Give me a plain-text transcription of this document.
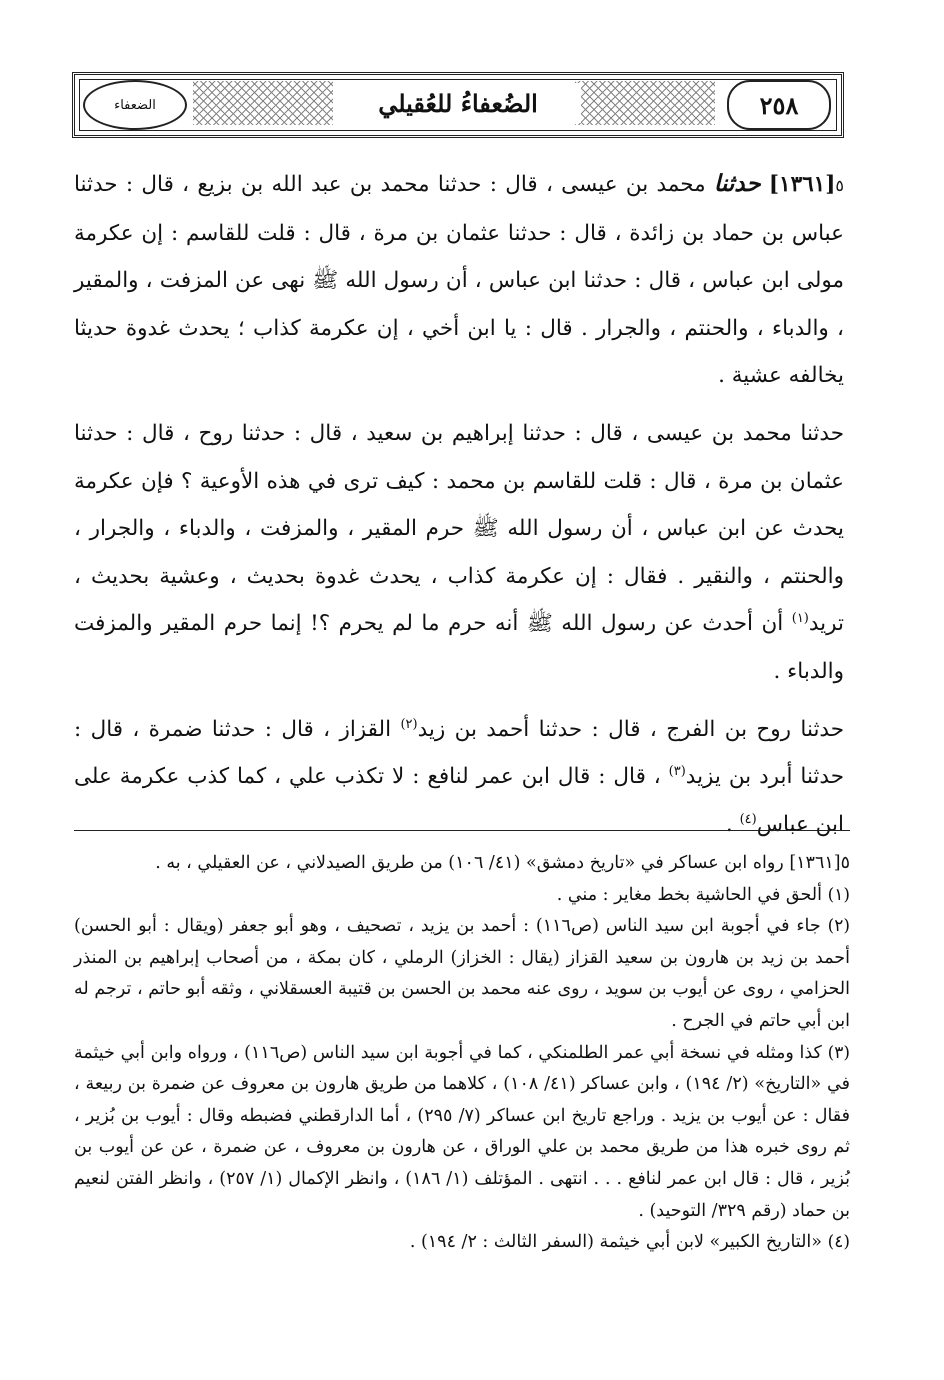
الضعفاء	الضُعفاءُ للعُقيلي	٢٥٨

٥[١٣٦١] حدثنا محمد بن عيسى ، قال : حدثنا محمد بن عبد الله بن بزيع ، قال : حدثنا عباس بن حماد بن زائدة ، قال : حدثنا عثمان بن مرة ، قال : قلت للقاسم : إن عكرمة مولى ابن عباس ، قال : حدثنا ابن عباس ، أن رسول الله ﷺ نهى عن المزفت ، والمقير ، والدباء ، والحنتم ، والجرار . قال : يا ابن أخي ، إن عكرمة كذاب ؛ يحدث غدوة حديثا يخالفه عشية .

حدثنا محمد بن عيسى ، قال : حدثنا إبراهيم بن سعيد ، قال : حدثنا روح ، قال : حدثنا عثمان بن مرة ، قال : قلت للقاسم بن محمد : كيف ترى في هذه الأوعية ؟ فإن عكرمة يحدث عن ابن عباس ، أن رسول الله ﷺ حرم المقير ، والمزفت ، والدباء ، والجرار ، والحنتم ، والنقير . فقال : إن عكرمة كذاب ، يحدث غدوة بحديث ، وعشية بحديث ، تريد$^{(١)}$ أن أحدث عن رسول الله ﷺ أنه حرم ما لم يحرم ؟! إنما حرم المقير والمزفت والدباء .

حدثنا روح بن الفرج ، قال : حدثنا أحمد بن زيد$^{(٢)}$ القزاز ، قال : حدثنا ضمرة ، قال : حدثنا أبرد بن يزيد$^{(٣)}$ ، قال : قال ابن عمر لنافع : لا تكذب علي ، كما كذب عكرمة على ابن عباس$^{(٤)}$ .

٥[١٣٦١] رواه ابن عساكر في «تاريخ دمشق» (٤١/ ١٠٦) من طريق الصيدلاني ، عن العقيلي ، به .

(١) ألحق في الحاشية بخط مغاير : مني .

(٢) جاء في أجوبة ابن سيد الناس (ص١١٦) : أحمد بن يزيد ، تصحيف ، وهو أبو جعفر (ويقال : أبو الحسن) أحمد بن زيد بن هارون بن سعيد القزاز (يقال : الخزاز) الرملي ، كان بمكة ، من أصحاب إبراهيم بن المنذر الحزامي ، روى عن أيوب بن سويد ، روى عنه محمد بن الحسن بن قتيبة العسقلاني ، وثقه أبو حاتم ، ترجم له ابن أبي حاتم في الجرح .

(٣) كذا ومثله في نسخة أبي عمر الطلمنكي ، كما في أجوبة ابن سيد الناس (ص١١٦) ، ورواه وابن أبي خيثمة في «التاريخ» (٢/ ١٩٤) ، وابن عساكر (٤١/ ١٠٨) ، كلاهما من طريق هارون بن معروف عن ضمرة بن ربيعة ، فقال : عن أيوب بن يزيد . وراجع تاريخ ابن عساكر (٧/ ٢٩٥) ، أما الدارقطني فضبطه وقال : أيوب بن بُزير ، ثم روى خبره هذا من طريق محمد بن علي الوراق ، عن هارون بن معروف ، عن ضمرة ، عن عن أيوب بن بُزير ، قال : قال ابن عمر لنافع . . . انتهى . المؤتلف (١/ ١٨٦) ، وانظر الإكمال (١/ ٢٥٧) ، وانظر الفتن لنعيم بن حماد (رقم ٣٢٩/ التوحيد) .

(٤) «التاريخ الكبير» لابن أبي خيثمة (السفر الثالث : ٢/ ١٩٤) .
